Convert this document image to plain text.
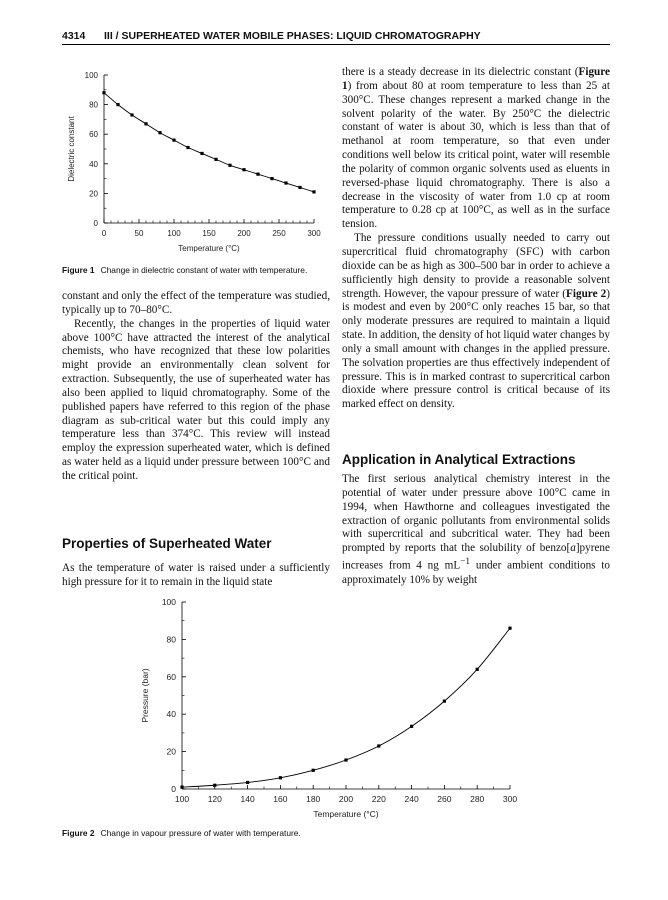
4314 III / SUPERHEATED WATER MOBILE PHASES: LIQUID CHROMATOGRAPHY
0	50	100	150	200	250	300
0
20
40
60
80
100
Temperature (°C)
Dielectric constant
Figure 1 Change in dielectric constant of water with temperature.

constant and only the effect of the temperature was studied, typically up to 70–80°C.

Recently, the changes in the properties of liquid water above 100°C have attracted the interest of the analytical chemists, who have recognized that these low polarities might provide an environmentally clean solvent for extraction. Subsequently, the use of superheated water has also been applied to liquid chromatography. Some of the published papers have referred to this region of the phase diagram as sub-critical water but this could imply any temperature less than 374°C. This review will instead employ the expression superheated water, which is defined as water held as a liquid under pressure between 100°C and the critical point.

Properties of Superheated Water

As the temperature of water is raised under a sufficiently high pressure for it to remain in the liquid state

there is a steady decrease in its dielectric constant (Figure 1) from about 80 at room temperature to less than 25 at 300°C. These changes represent a marked change in the solvent polarity of the water. By 250°C the dielectric constant of water is about 30, which is less than that of methanol at room temperature, so that even under conditions well below its critical point, water will resemble the polarity of common organic solvents used as eluents in reversed-phase liquid chromatography. There is also a decrease in the viscosity of water from 1.0 cp at room temperature to 0.28 cp at 100°C, as well as in the surface tension.

The pressure conditions usually needed to carry out supercritical fluid chromatography (SFC) with carbon dioxide can be as high as 300–500 bar in order to achieve a sufficiently high density to provide a reasonable solvent strength. However, the vapour pressure of water (Figure 2) is modest and even by 200°C only reaches 15 bar, so that only moderate pressures are required to maintain a liquid state. In addition, the density of hot liquid water changes by only a small amount with changes in the applied pressure. The solvation properties are thus effectively independent of pressure. This is in marked contrast to supercritical carbon dioxide where pressure control is critical because of its marked effect on density.

Application in Analytical Extractions

The first serious analytical chemistry interest in the potential of water under pressure above 100°C came in 1994, when Hawthorne and colleagues investigated the extraction of organic pollutants from environmental solids with supercritical and subcritical water. They had been prompted by reports that the solubility of benzo[a]pyrene increases from 4 ng $mL^{-1}$ under ambient conditions to approximately 10% by weight

100 120 140 160 180 200 220 240 260 280 300
0
20
40
60
80
100
Temperature (°C)
Pressure (bar)
Figure 2 Change in vapour pressure of water with temperature.
